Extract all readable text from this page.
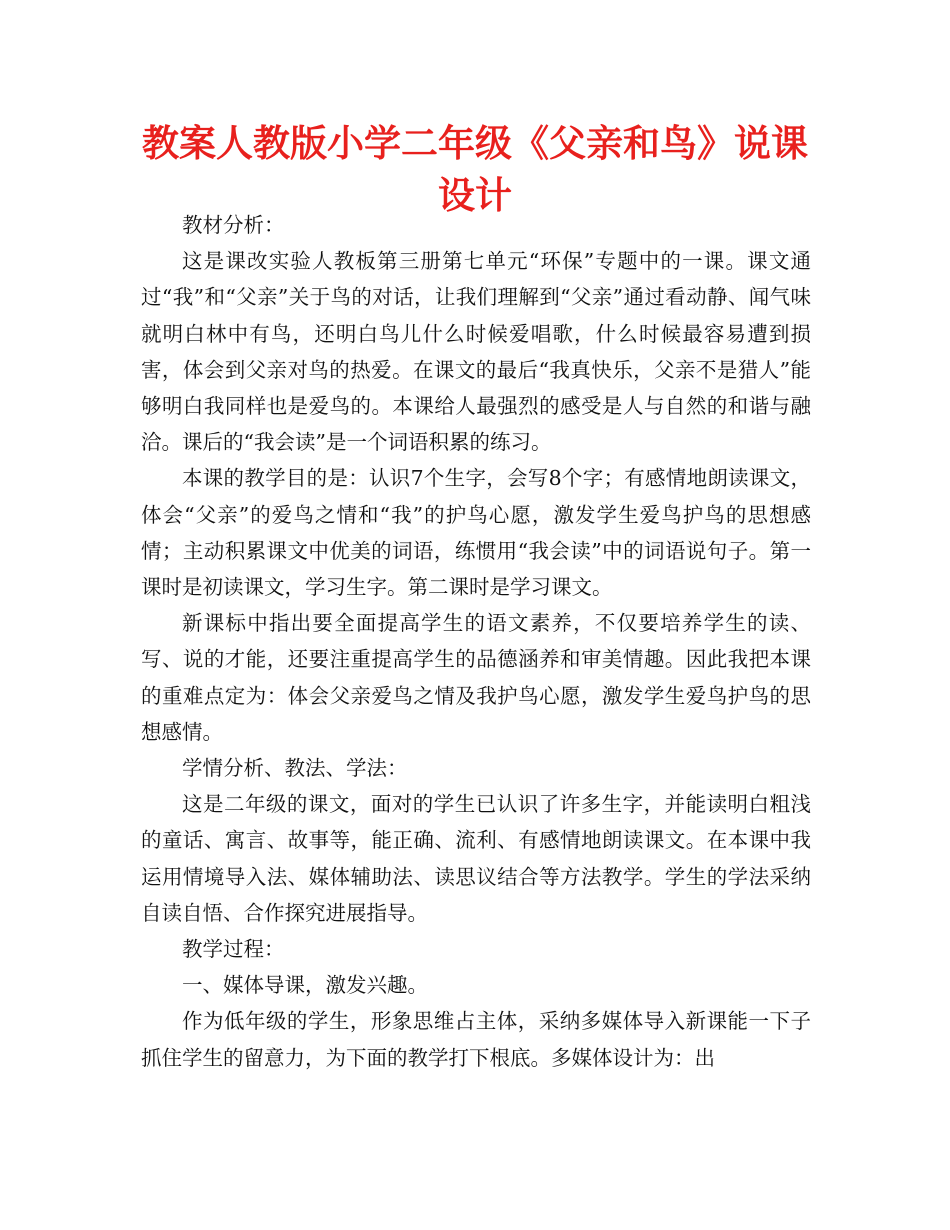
教案人教版小学二年级《父亲和鸟》说课设计

教材分析：

这是课改实验人教板第三册第七单元“环保”专题中的一课。课文通过“我”和“父亲”关于鸟的对话，让我们理解到“父亲”通过看动静、闻气味就明白林中有鸟，还明白鸟儿什么时候爱唱歌，什么时候最容易遭到损害，体会到父亲对鸟的热爱。在课文的最后“我真快乐，父亲不是猎人”能够明白我同样也是爱鸟的。本课给人最强烈的感受是人与自然的和谐与融洽。课后的“我会读”是一个词语积累的练习。

本课的教学目的是：认识7个生字，会写8个字；有感情地朗读课文，体会“父亲”的爱鸟之情和“我”的护鸟心愿，激发学生爱鸟护鸟的思想感情；主动积累课文中优美的词语，练惯用“我会读”中的词语说句子。第一课时是初读课文，学习生字。第二课时是学习课文。

新课标中指出要全面提高学生的语文素养，不仅要培养学生的读、写、说的才能，还要注重提高学生的品德涵养和审美情趣。因此我把本课的重难点定为：体会父亲爱鸟之情及我护鸟心愿，激发学生爱鸟护鸟的思想感情。

学情分析、教法、学法：

这是二年级的课文，面对的学生已认识了许多生字，并能读明白粗浅的童话、寓言、故事等，能正确、流利、有感情地朗读课文。在本课中我运用情境导入法、媒体辅助法、读思议结合等方法教学。学生的学法采纳自读自悟、合作探究进展指导。

教学过程：

一、媒体导课，激发兴趣。

作为低年级的学生，形象思维占主体，采纳多媒体导入新课能一下子抓住学生的留意力，为下面的教学打下根底。多媒体设计为：出
